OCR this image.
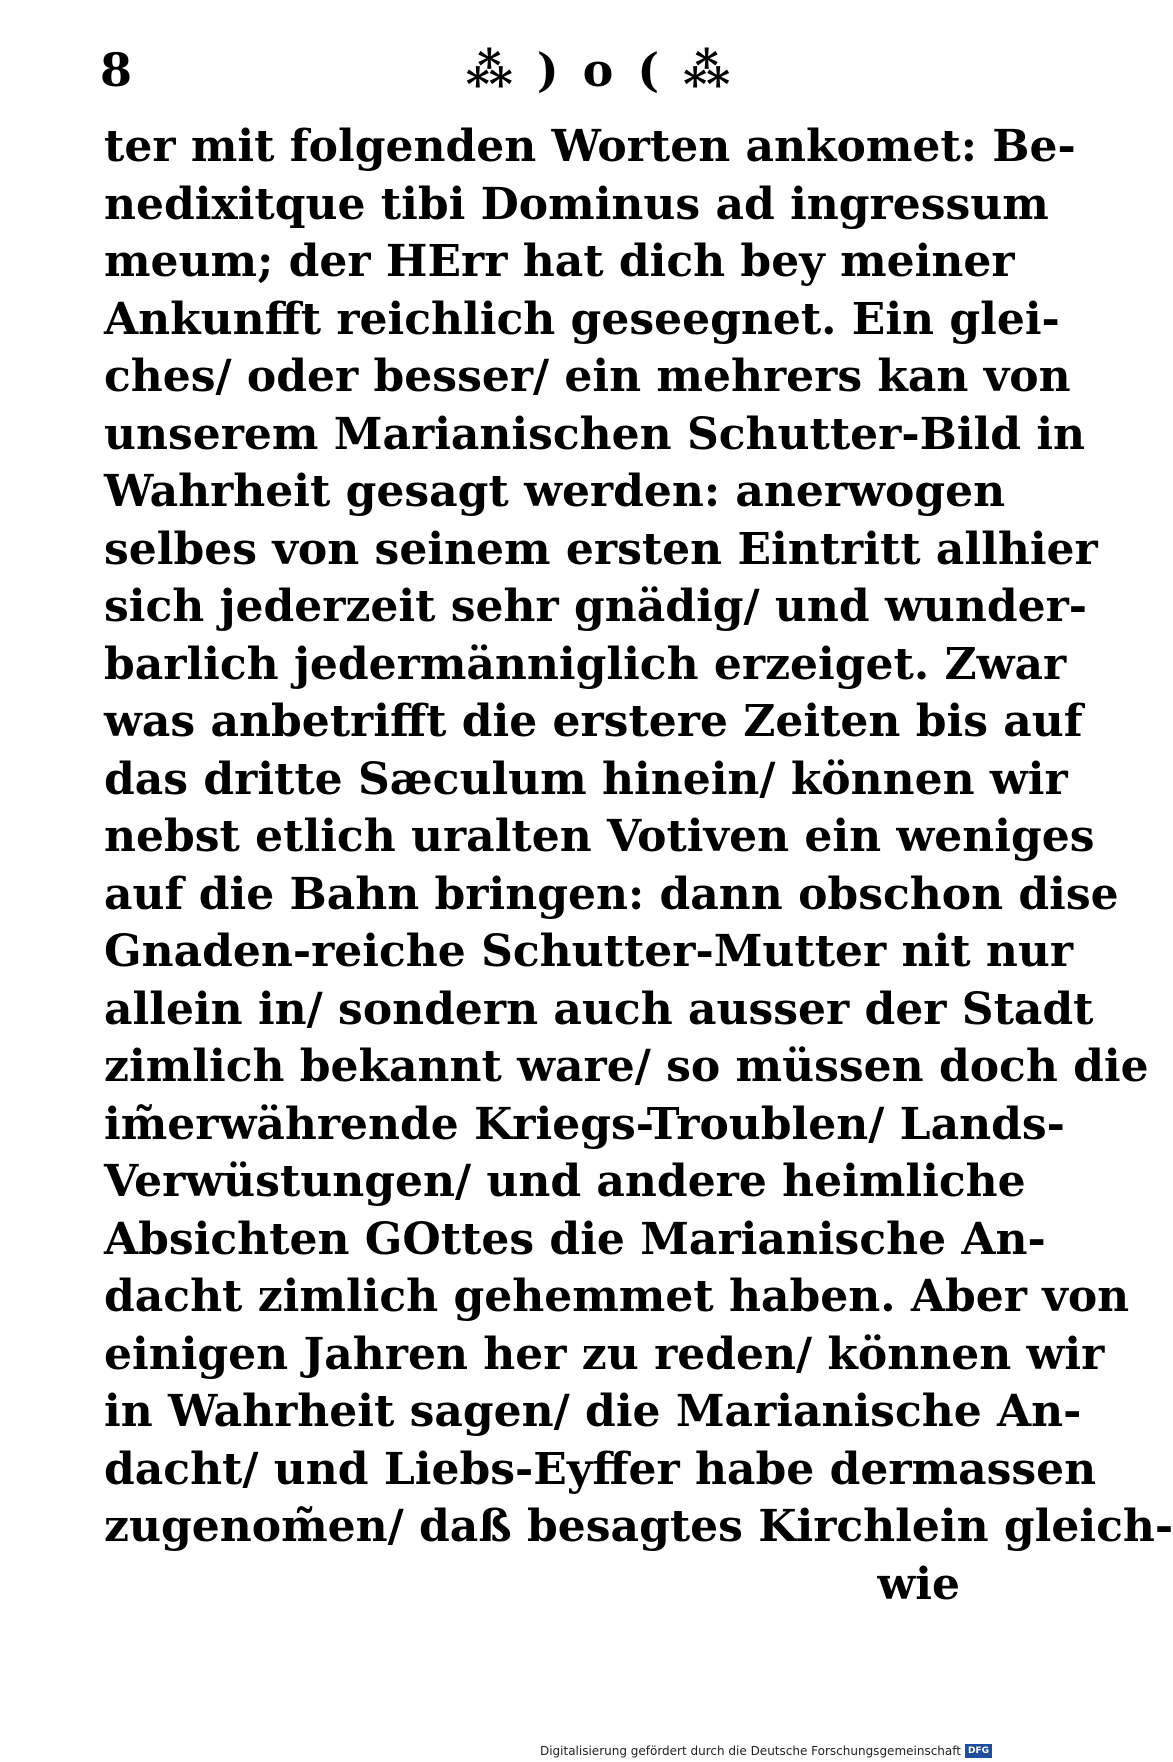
8	⁂ ) o ( ⁂
ter mit folgenden Worten ankomet: Be-
nedixitque tibi Dominus ad ingressum
meum; der HErr hat dich bey meiner
Ankunfft reichlich geseegnet. Ein glei-
ches/ oder besser/ ein mehrers kan von
unserem Marianischen Schutter-Bild in
Wahrheit gesagt werden: anerwogen
selbes von seinem ersten Eintritt allhier
sich jederzeit sehr gnädig/ und wunder-
barlich jedermänniglich erzeiget. Zwar
was anbetrifft die erstere Zeiten bis auf
das dritte Sæculum hinein/ können wir
nebst etlich uralten Votiven ein weniges
auf die Bahn bringen: dann obschon dise
Gnaden-reiche Schutter-Mutter nit nur
allein in/ sondern auch ausser der Stadt
zimlich bekannt ware/ so müssen doch die
im̃erwährende Kriegs-Troublen/ Lands-
Verwüstungen/ und andere heimliche
Absichten GOttes die Marianische An-
dacht zimlich gehemmet haben. Aber von
einigen Jahren her zu reden/ können wir
in Wahrheit sagen/ die Marianische An-
dacht/ und Liebs-Eyffer habe dermassen
zugenom̃en/ daß besagtes Kirchlein gleich-
wie
Digitalisierung gefördert durch die Deutsche Forschungsgemeinschaft DFG
